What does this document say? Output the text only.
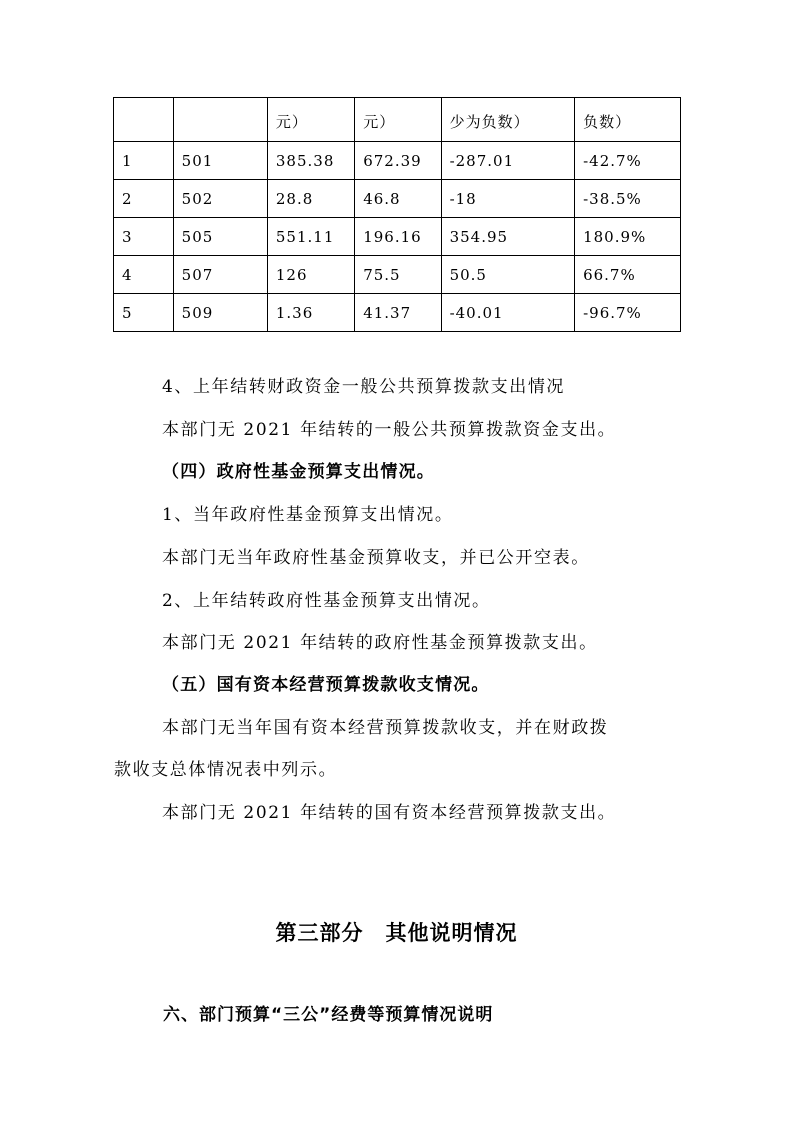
		元）	元）	少为负数）	负数）
1	501	385.38	672.39	-287.01	-42.7%
2	502	28.8	46.8	-18	-38.5%
3	505	551.11	196.16	354.95	180.9%
4	507	126	75.5	50.5	66.7%
5	509	1.36	41.37	-40.01	-96.7%

4、上年结转财政资金一般公共预算拨款支出情况

本部门无 2021 年结转的一般公共预算拨款资金支出。

（四）政府性基金预算支出情况。

1、当年政府性基金预算支出情况。

本部门无当年政府性基金预算收支，并已公开空表。

2、上年结转政府性基金预算支出情况。

本部门无 2021 年结转的政府性基金预算拨款支出。

（五）国有资本经营预算拨款收支情况。

本部门无当年国有资本经营预算拨款收支，并在财政拨

款收支总体情况表中列示。

本部门无 2021 年结转的国有资本经营预算拨款支出。

第三部分　其他说明情况
六、部门预算“三公”经费等预算情况说明
